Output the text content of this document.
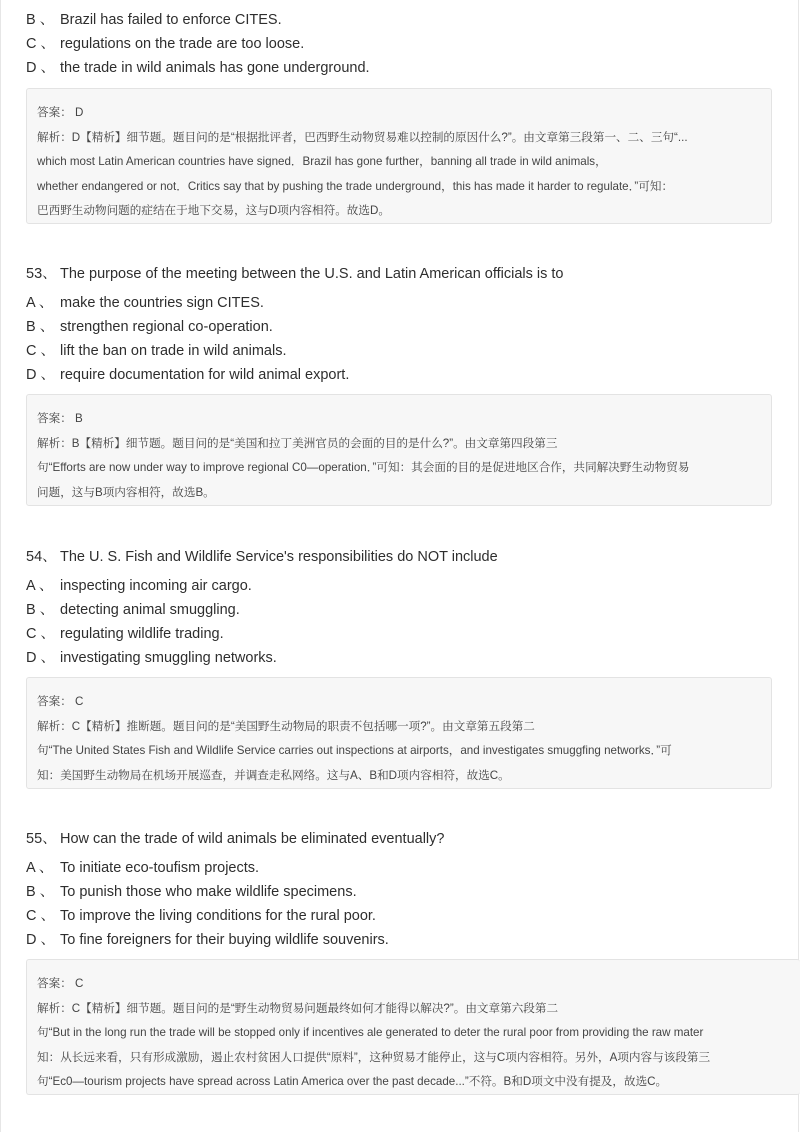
B 、 Brazil has failed to enforce CITES.
C 、 regulations on the trade are too loose.
D 、 the trade in wild animals has gone underground.
答案： D
解析：D【精析】细节题。题目问的是“根据批评者，巴西野生动物贸易难以控制的原因什么?”。由文章第三段第一、二、三句“...
which most Latin American countries have signed．Brazil has gone further，banning all trade in wild animals，
whether endangered or not．Critics say that by pushing the trade underground，this has made it harder to regulate．”可知：
巴西野生动物问题的症结在于地下交易，这与D项内容相符。故选D。
53、 The purpose of the meeting between the U.S. and Latin American officials is to
A 、 make the countries sign CITES.
B 、 strengthen regional co-operation.
C 、 lift the ban on trade in wild animals.
D 、 require documentation for wild animal export.
答案： B
解析：B【精析】细节题。题目问的是“美国和拉丁美洲官员的会面的目的是什么?”。由文章第四段第三
句“Efforts are now under way to improve regional C0—operation．”可知：其会面的目的是促进地区合作，共同解决野生动物贸易
问题，这与B项内容相符，故选B。
54、 The U. S. Fish and Wildlife Service's responsibilities do NOT include
A 、 inspecting incoming air cargo.
B 、 detecting animal smuggling.
C 、 regulating wildlife trading.
D 、 investigating smuggling networks.
答案： C
解析：C【精析】推断题。题目问的是“美国野生动物局的职责不包括哪一项?”。由文章第五段第二
句“The United States Fish and Wildlife Service carries out inspections at airports，and investigates smuggfing networks．”可
知：美国野生动物局在机场开展巡查，并调查走私网络。这与A、B和D项内容相符，故选C。
55、 How can the trade of wild animals be eliminated eventually?
A 、 To initiate eco-toufism projects.
B 、 To punish those who make wildlife specimens.
C 、 To improve the living conditions for the rural poor.
D 、 To fine foreigners for their buying wildlife souvenirs.
答案： C
解析：C【精析】细节题。题目问的是“野生动物贸易问题最终如何才能得以解决?”。由文章第六段第二
句“But in the long run the trade will be stopped only if incentives ale generated to deter the rural poor from providing the raw mater
知：从长远来看，只有形成激励，遏止农村贫困人口提供“原料”，这种贸易才能停止，这与C项内容相符。另外，A项内容与该段第三
句“Ec0—tourism projects have spread across Latin America over the past decade...”不符。B和D项文中没有提及，故选C。
